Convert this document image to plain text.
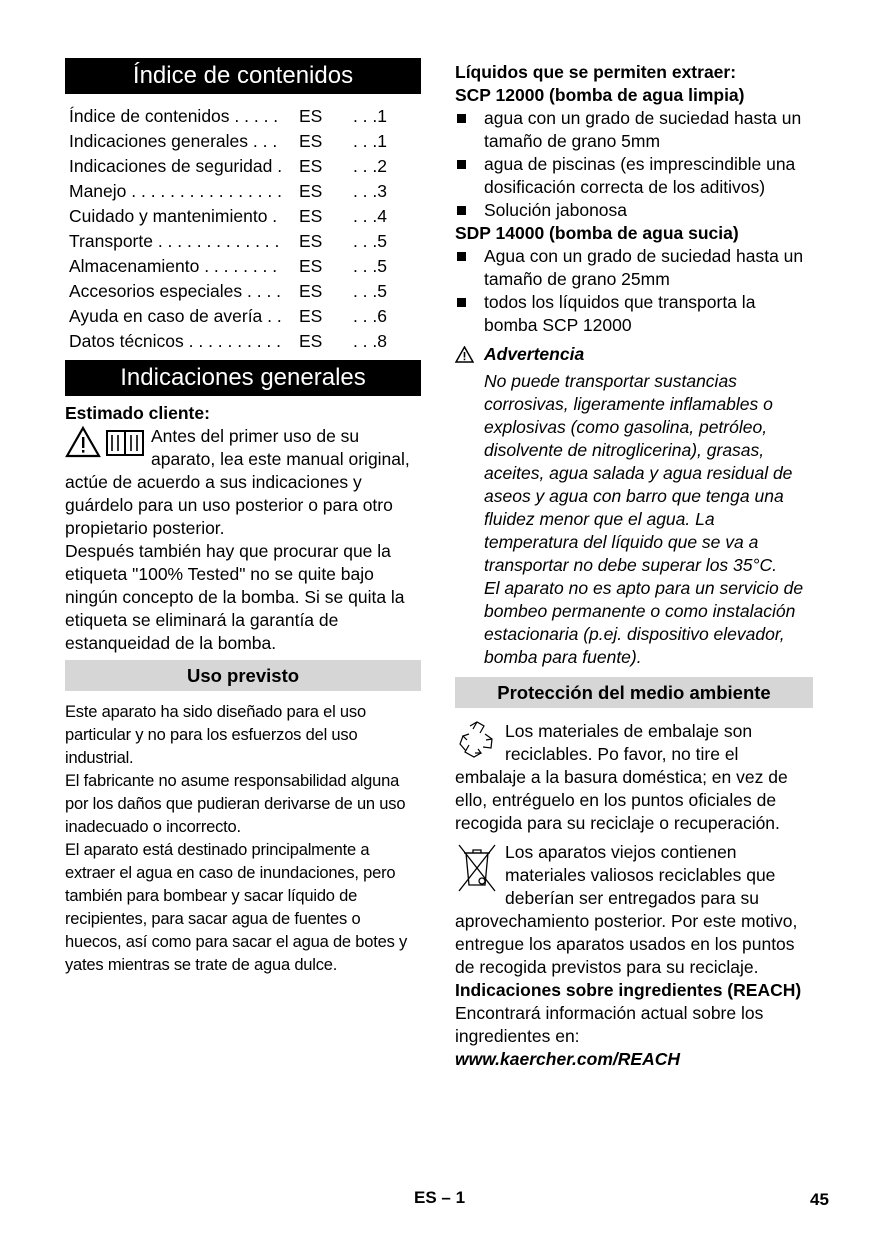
Índice de contenidos
Índice de contenidos . . . . .	ES	. . .1
Indicaciones generales . . .	ES	. . .1
Indicaciones de seguridad . ES	. . .2
Manejo . . . . . . . . . . . . . . . . ES	. . .3
Cuidado y mantenimiento .	ES	. . .4
Transporte . . . . . . . . . . . . .	ES	. . .5
Almacenamiento . . . . . . . .	ES	. . .5
Accesorios especiales . . . .	ES	. . .5
Ayuda en caso de avería . . ES	. . .6
Datos técnicos . . . . . . . . . .	ES	. . .8
Indicaciones generales

Estimado cliente:

Antes del primer uso de su aparato, lea este manual original, actúe de acuerdo a sus indicaciones y guárdelo para un uso posterior o para otro propietario posterior.

Después también hay que procurar que la etiqueta "100% Tested" no se quite bajo ningún concepto de la bomba. Si se quita la etiqueta se eliminará la garantía de estanqueidad de la bomba.

Uso previsto

Este aparato ha sido diseñado para el uso particular y no para los esfuerzos del uso industrial.

El fabricante no asume responsabilidad alguna por los daños que pudieran derivarse de un uso inadecuado o incorrecto.

El aparato está destinado principalmente a extraer el agua en caso de inundaciones, pero también para bombear y sacar líquido de recipientes, para sacar agua de fuentes o huecos, así como para sacar el agua de botes y yates mientras se trate de agua dulce.

Líquidos que se permiten extraer:

SCP 12000 (bomba de agua limpia)

agua con un grado de suciedad hasta un tamaño de grano 5mm
agua de piscinas (es imprescindible una dosificación correcta de los aditivos)
Solución jabonosa

SDP 14000 (bomba de agua sucia)

Agua con un grado de suciedad hasta un tamaño de grano 25mm
todos los líquidos que transporta la bomba SCP 12000
Advertencia

No puede transportar sustancias corrosivas, ligeramente inflamables o explosivas (como gasolina, petróleo, disolvente de nitroglicerina), grasas, aceites, agua salada y agua residual de aseos y agua con barro que tenga una fluidez menor que el agua. La temperatura del líquido que se va a transportar no debe superar los 35°C.

El aparato no es apto para un servicio de bombeo permanente o como instalación estacionaria (p.ej. dispositivo elevador, bomba para fuente).

Protección del medio ambiente

Los materiales de embalaje son reciclables. Po favor, no tire el embalaje a la basura doméstica; en vez de ello, entréguelo en los puntos oficiales de recogida para su reciclaje o recuperación.

Los aparatos viejos contienen materiales valiosos reciclables que deberían ser entregados para su aprovechamiento posterior. Por este motivo, entregue los aparatos usados en los puntos de recogida previstos para su reciclaje.

Indicaciones sobre ingredientes (REACH)

Encontrará información actual sobre los ingredientes en:

www.kaercher.com/REACH

ES – 1	45
